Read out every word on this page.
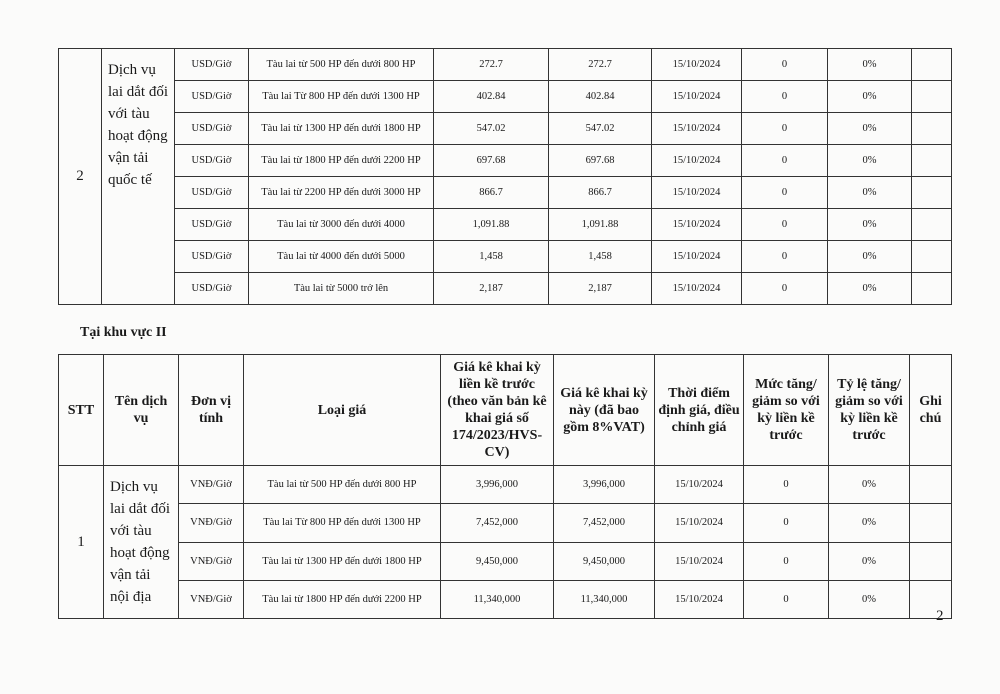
2	Dịch vụ lai dắt đối với tàu hoạt động vận tải quốc tế	USD/Giờ	Tàu lai từ 500 HP đến dưới 800 HP	272.7	272.7	15/10/2024	0	0%	
		USD/Giờ	Tàu lai Từ 800 HP đến dưới 1300 HP	402.84	402.84	15/10/2024	0	0%	
		USD/Giờ	Tàu lai từ 1300 HP đến dưới 1800 HP	547.02	547.02	15/10/2024	0	0%	
		USD/Giờ	Tàu lai từ 1800 HP đến dưới 2200 HP	697.68	697.68	15/10/2024	0	0%	
		USD/Giờ	Tàu lai từ 2200 HP đến dưới 3000 HP	866.7	866.7	15/10/2024	0	0%	
		USD/Giờ	Tàu lai từ 3000 đến dưới 4000	1,091.88	1,091.88	15/10/2024	0	0%	
		USD/Giờ	Tàu lai từ 4000 đến dưới 5000	1,458	1,458	15/10/2024	0	0%	
		USD/Giờ	Tàu lai từ 5000 trở lên	2,187	2,187	15/10/2024	0	0%	
Tại khu vực II
STT	Tên dịch vụ	Đơn vị tính	Loại giá	Giá kê khai kỳ liền kề trước (theo văn bản kê khai giá số 174/2023/HVS-CV)	Giá kê khai kỳ này (đã bao gồm 8%VAT)	Thời điểm định giá, điều chỉnh giá	Mức tăng/ giảm so với kỳ liền kề trước	Tỷ lệ tăng/ giảm so với kỳ liền kề trước	Ghi chú
1	Dịch vụ lai dắt đối với tàu hoạt động vận tải nội địa	VNĐ/Giờ	Tàu lai từ 500 HP đến dưới 800 HP	3,996,000	3,996,000	15/10/2024	0	0%	
		VNĐ/Giờ	Tàu lai Từ 800 HP đến dưới 1300 HP	7,452,000	7,452,000	15/10/2024	0	0%	
		VNĐ/Giờ	Tàu lai từ 1300 HP đến dưới 1800 HP	9,450,000	9,450,000	15/10/2024	0	0%	
		VNĐ/Giờ	Tàu lai từ 1800 HP đến dưới 2200 HP	11,340,000	11,340,000	15/10/2024	0	0%	
2
